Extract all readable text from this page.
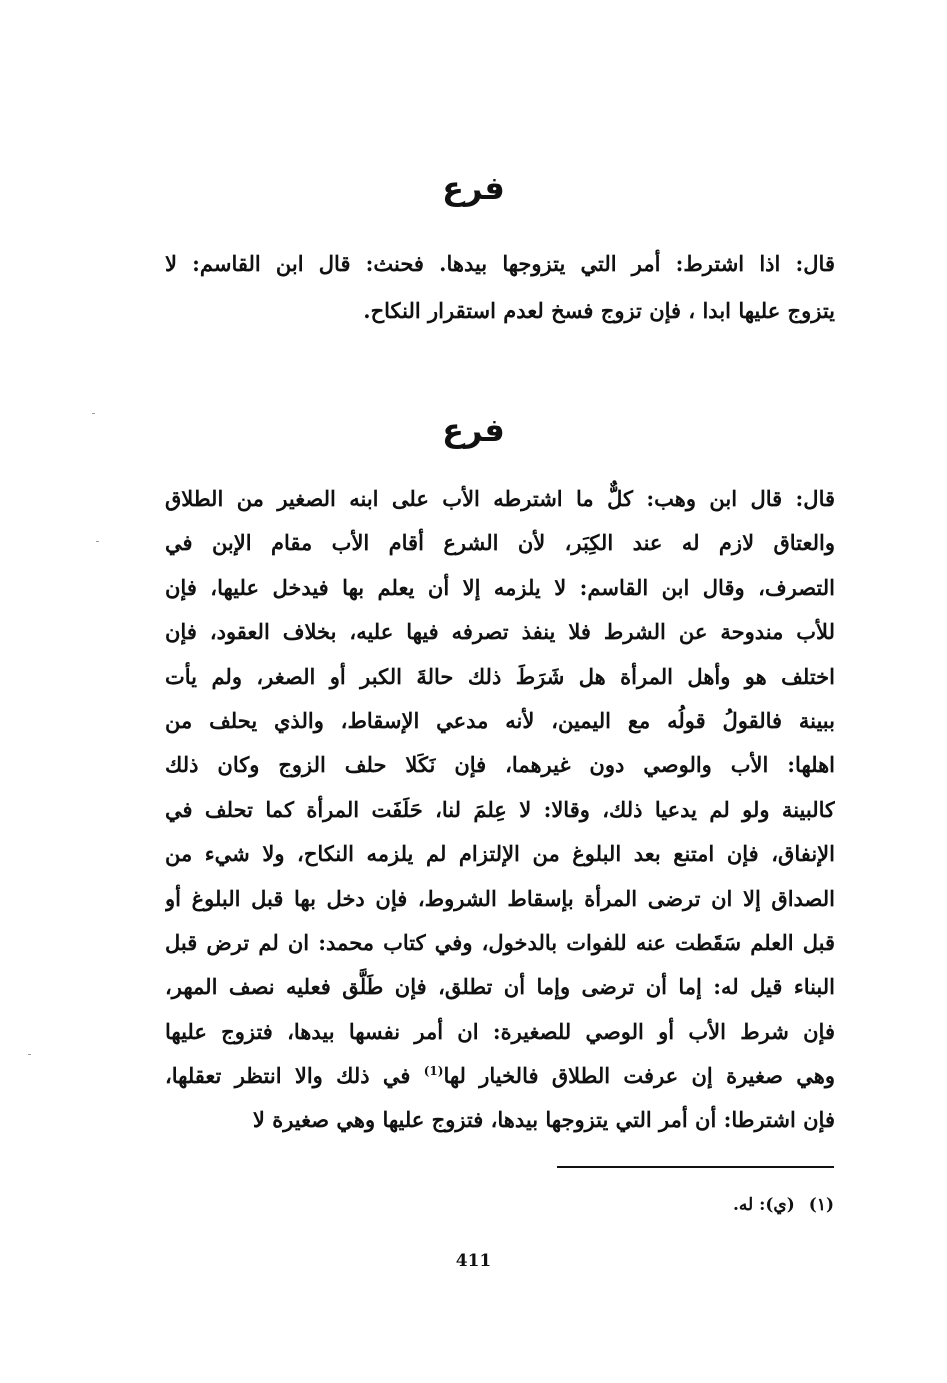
فرع
قال: اذا اشترط: أمر التي يتزوجها بيدها. فحنث: قال ابن القاسم: لا
يتزوج عليها ابدا ، فإن تزوج فسخ لعدم استقرار النكاح.
فرع
قال: قال ابن وهب: كلٌّ ما اشترطه الأب على ابنه الصغير من الطلاق
والعتاق لازم له عند الكِبَر، لأن الشرع أقام الأب مقام الإبن في
التصرف، وقال ابن القاسم: لا يلزمه إلا أن يعلم بها فيدخل عليها، فإن
للأب مندوحة عن الشرط فلا ينفذ تصرفه فيها عليه، بخلاف العقود، فإن
اختلف هو وأهل المرأة هل شَرَطَ ذلك حالةَ الكبر أو الصغر، ولم يأت
ببينة فالقولُ قولُه مع اليمين، لأنه مدعي الإسقاط، والذي يحلف من
اهلها: الأب والوصي دون غيرهما، فإن نَكَلا حلف الزوج وكان ذلك
كالبينة ولو لم يدعيا ذلك، وقالا: لا عِلمَ لنا، حَلَفَت المرأة كما تحلف في
الإنفاق، فإن امتنع بعد البلوغ من الإلتزام لم يلزمه النكاح، ولا شيء من
الصداق إلا ان ترضى المرأة بإسقاط الشروط، فإن دخل بها قبل البلوغ أو
قبل العلم سَقَطت عنه للفوات بالدخول، وفي كتاب محمد: ان لم ترض قبل
البناء قيل له: إما أن ترضى وإما أن تطلق، فإن طَلَّق فعليه نصف المهر،
فإن شرط الأب أو الوصي للصغيرة: ان أمر نفسها بيدها، فتزوج عليها
وهي صغيرة إن عرفت الطلاق فالخيار لها$^{(1)}$ في ذلك والا انتظر تعقلها،
فإن اشترطا: أن أمر التي يتزوجها بيدها، فتزوج عليها وهي صغيرة لا
(١)(ي): له.
411
